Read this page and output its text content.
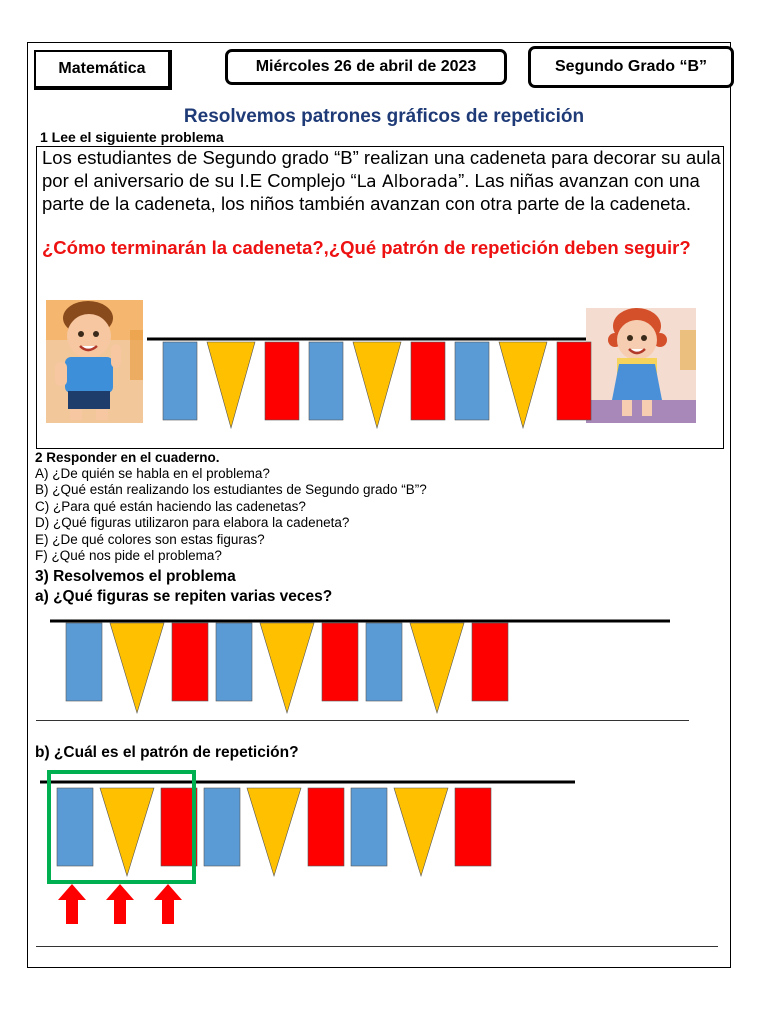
Matemática	Miércoles 26 de abril de 2023	Segundo Grado “B”
Resolvemos patrones gráficos de repetición
1 Lee el siguiente problema
Los estudiantes de Segundo grado “B” realizan una cadeneta para decorar su aula por el aniversario de su I.E Complejo “La Alborada”. Las niñas avanzan con una parte de la cadeneta, los niños también avanzan con otra parte de la cadeneta.
¿Cómo terminarán la cadeneta?,¿Qué patrón de repetición deben seguir?
2 Responder en el cuaderno.
A) ¿De quién se habla en el problema?
B) ¿Qué están realizando los estudiantes de Segundo grado “B”?
C) ¿Para qué están haciendo las cadenetas?
D) ¿Qué figuras utilizaron para elabora la cadeneta?
E) ¿De qué colores son estas figuras?
F) ¿Qué nos pide el problema?
3) Resolvemos el problema
a) ¿Qué figuras se repiten varias veces?
b) ¿Cuál es el patrón de repetición?
